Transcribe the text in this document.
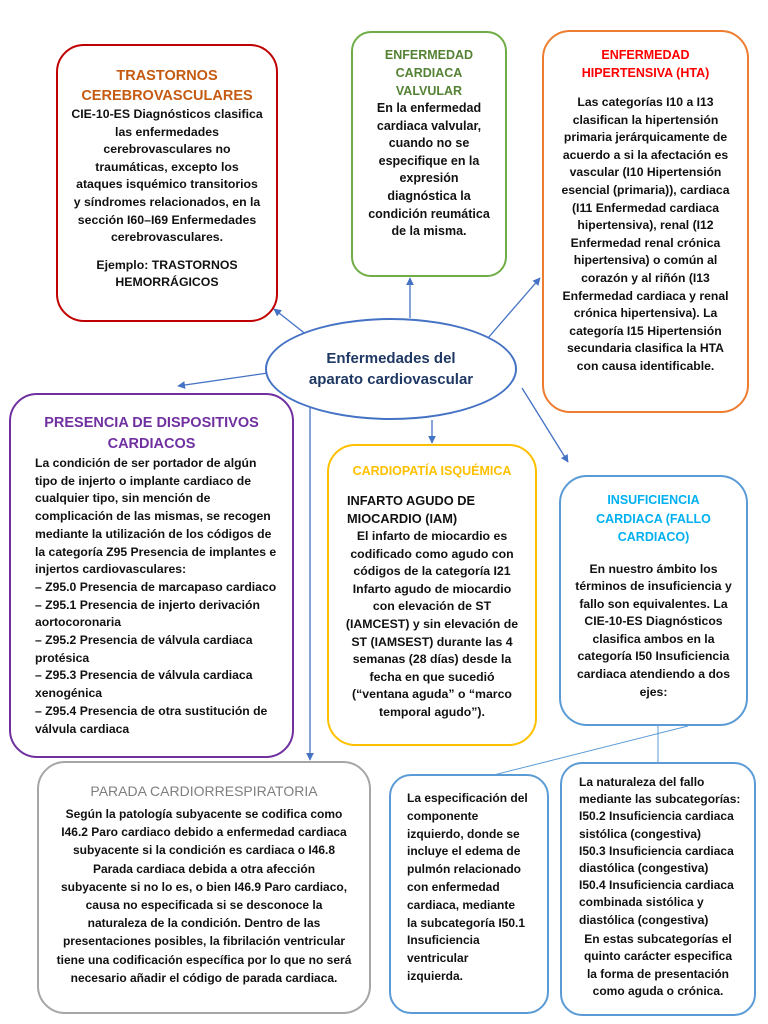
TRASTORNOS
CEREBROVASCULARES
CIE-10-ES Diagnósticos clasifica
las enfermedades
cerebrovasculares no
traumáticas, excepto los
ataques isquémico transitorios
y síndromes relacionados, en la
sección I60–I69 Enfermedades
cerebrovasculares.
Ejemplo: TRASTORNOS
HEMORRÁGICOS
ENFERMEDAD
CARDIACA
VALVULAR
En la enfermedad
cardiaca valvular,
cuando no se
especifique en la
expresión
diagnóstica la
condición reumática
de la misma.
ENFERMEDAD
HIPERTENSIVA (HTA)
Las categorías I10 a I13
clasifican la hipertensión
primaria jerárquicamente de
acuerdo a si la afectación es
vascular (I10 Hipertensión
esencial (primaria)), cardiaca
(I11 Enfermedad cardiaca
hipertensiva), renal (I12
Enfermedad renal crónica
hipertensiva) o común al
corazón y al riñón (I13
Enfermedad cardiaca y renal
crónica hipertensiva). La
categoría I15 Hipertensión
secundaria clasifica la HTA
con causa identificable.
Enfermedades del
aparato cardiovascular
PRESENCIA DE DISPOSITIVOS
CARDIACOS
La condición de ser portador de algún
tipo de injerto o implante cardiaco de
cualquier tipo, sin mención de
complicación de las mismas, se recogen
mediante la utilización de los códigos de
la categoría Z95 Presencia de implantes e
injertos cardiovasculares:
– Z95.0 Presencia de marcapaso cardiaco
– Z95.1 Presencia de injerto derivación
aortocoronaria
– Z95.2 Presencia de válvula cardiaca
protésica
– Z95.3 Presencia de válvula cardiaca
xenogénica
– Z95.4 Presencia de otra sustitución de
válvula cardiaca
CARDIOPATÍA ISQUÉMICA
INFARTO AGUDO DE
MIOCARDIO (IAM)
El infarto de miocardio es
codificado como agudo con
códigos de la categoría I21
Infarto agudo de miocardio
con elevación de ST
(IAMCEST) y sin elevación de
ST (IAMSEST) durante las 4
semanas (28 días) desde la
fecha en que sucedió
(“ventana aguda” o “marco
temporal agudo”).
INSUFICIENCIA
CARDIACA (FALLO
CARDIACO)
En nuestro ámbito los
términos de insuficiencia y
fallo son equivalentes. La
CIE-10-ES Diagnósticos
clasifica ambos en la
categoría I50 Insuficiencia
cardiaca atendiendo a dos
ejes:
PARADA CARDIORRESPIRATORIA
Según la patología subyacente se codifica como
I46.2 Paro cardiaco debido a enfermedad cardiaca
subyacente si la condición es cardiaca o I46.8
Parada cardiaca debida a otra afección
subyacente si no lo es, o bien I46.9 Paro cardiaco,
causa no especificada si se desconoce la
naturaleza de la condición. Dentro de las
presentaciones posibles, la fibrilación ventricular
tiene una codificación específica por lo que no será
necesario añadir el código de parada cardiaca.
La especificación del
componente
izquierdo, donde se
incluye el edema de
pulmón relacionado
con enfermedad
cardiaca, mediante
la subcategoría I50.1
Insuficiencia
ventricular
izquierda.
La naturaleza del fallo
mediante las subcategorías:
I50.2 Insuficiencia cardiaca
sistólica (congestiva)
I50.3 Insuficiencia cardiaca
diastólica (congestiva)
I50.4 Insuficiencia cardiaca
combinada sistólica y
diastólica (congestiva)
En estas subcategorías el
quinto carácter especifica
la forma de presentación
como aguda o crónica.
